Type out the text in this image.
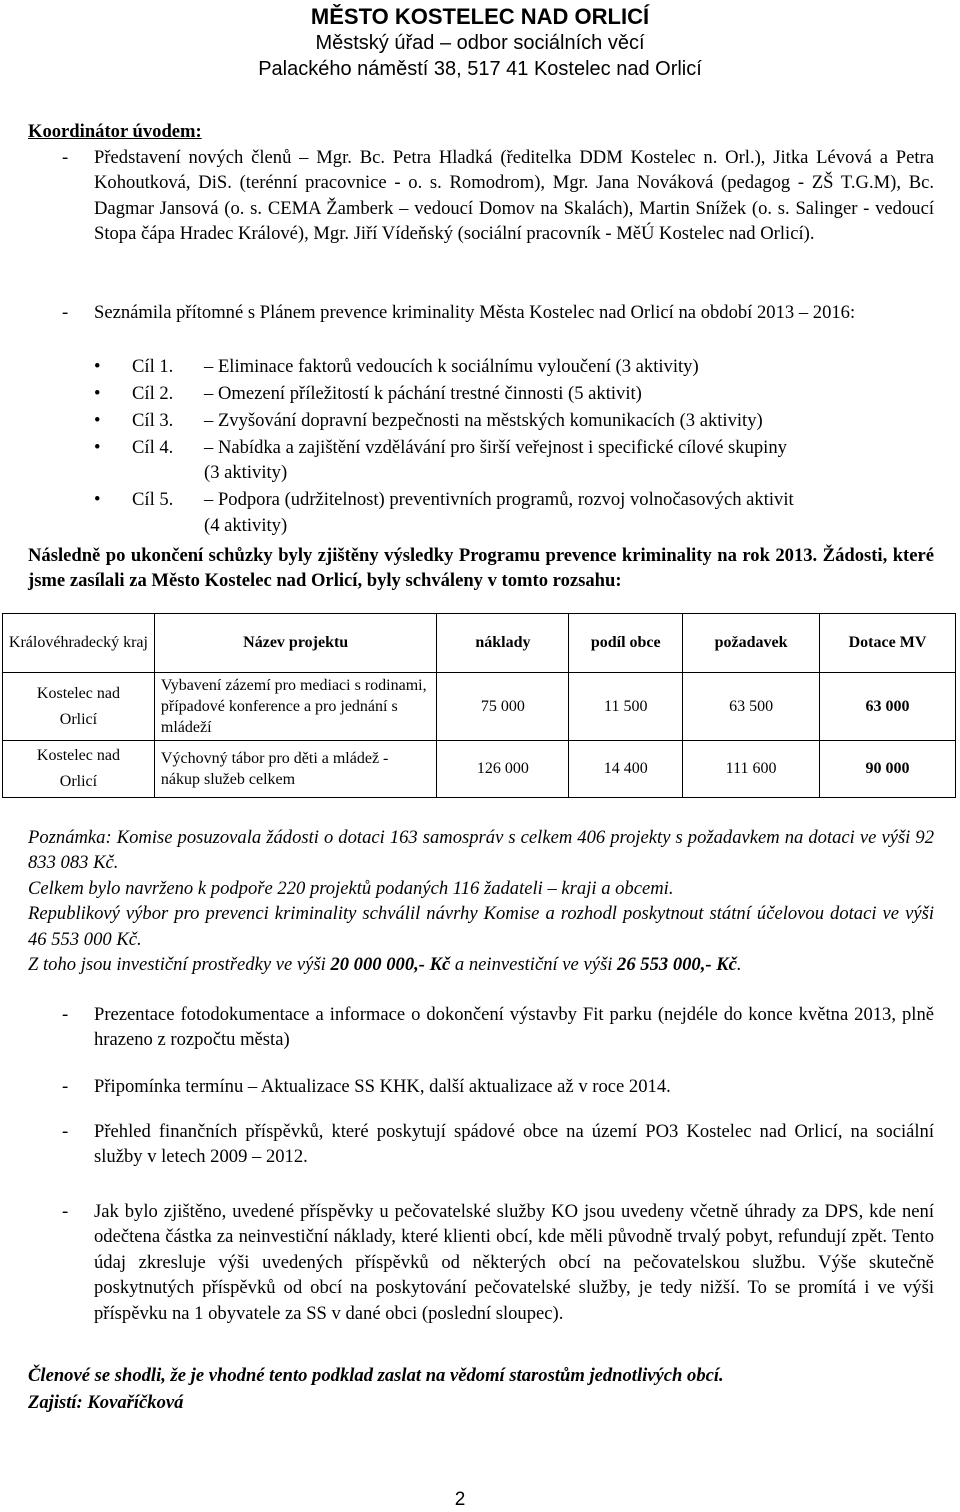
MĚSTO KOSTELEC NAD ORLICÍ
Městský úřad – odbor sociálních věcí
Palackého náměstí 38, 517 41 Kostelec nad Orlicí
Koordinátor úvodem:
- Představení nových členů – Mgr. Bc. Petra Hladká (ředitelka DDM Kostelec n. Orl.), Jitka Lévová a Petra Kohoutková, DiS. (terénní pracovnice - o. s. Romodrom), Mgr. Jana Nováková (pedagog - ZŠ T.G.M), Bc. Dagmar Jansová (o. s. CEMA Žamberk – vedoucí Domov na Skalách), Martin Snížek (o. s. Salinger - vedoucí Stopa čápa Hradec Králové), Mgr. Jiří Vídeňský (sociální pracovník - MěÚ Kostelec nad Orlicí).
- Seznámila přítomné s Plánem prevence kriminality Města Kostelec nad Orlicí na období 2013 – 2016:
• Cíl 1. – Eliminace faktorů vedoucích k sociálnímu vyloučení (3 aktivity)
• Cíl 2. – Omezení příležitostí k páchání trestné činnosti (5 aktivit)
• Cíl 3. – Zvyšování dopravní bezpečnosti na městských komunikacích (3 aktivity)
• Cíl 4. – Nabídka a zajištění vzdělávání pro širší veřejnost i specifické cílové skupiny
(3 aktivity)
• Cíl 5. – Podpora (udržitelnost) preventivních programů, rozvoj volnočasových aktivit
(4 aktivity)
Následně po ukončení schůzky byly zjištěny výsledky Programu prevence kriminality na rok 2013. Žádosti, které jsme zasílali za Město Kostelec nad Orlicí, byly schváleny v tomto rozsahu:
Královéhradecký kraj	Název projektu	náklady	podíl obce	požadavek	Dotace MV
Kostelec nad Orlicí	Vybavení zázemí pro mediaci s rodinami, případové konference a pro jednání s mládeží	75 000	11 500	63 500	63 000
Kostelec nad Orlicí	Výchovný tábor pro děti a mládež - nákup služeb celkem	126 000	14 400	111 600	90 000
Poznámka: Komise posuzovala žádosti o dotaci 163 samospráv s celkem 406 projekty s požadavkem na dotaci ve výši 92 833 083 Kč.
Celkem bylo navrženo k podpoře 220 projektů podaných 116 žadateli – kraji a obcemi.
Republikový výbor pro prevenci kriminality schválil návrhy Komise a rozhodl poskytnout státní účelovou dotaci ve výši 46 553 000 Kč.
Z toho jsou investiční prostředky ve výši 20 000 000,- Kč a neinvestiční ve výši 26 553 000,- Kč.
- Prezentace fotodokumentace a informace o dokončení výstavby Fit parku (nejdéle do konce května 2013, plně hrazeno z rozpočtu města)
- Připomínka termínu – Aktualizace SS KHK, další aktualizace až v roce 2014.
- Přehled finančních příspěvků, které poskytují spádové obce na území PO3 Kostelec nad Orlicí, na sociální služby v letech 2009 – 2012.
- Jak bylo zjištěno, uvedené příspěvky u pečovatelské služby KO jsou uvedeny včetně úhrady za DPS, kde není odečtena částka za neinvestiční náklady, které klienti obcí, kde měli původně trvalý pobyt, refundují zpět. Tento údaj zkresluje výši uvedených příspěvků od některých obcí na pečovatelskou službu. Výše skutečně poskytnutých příspěvků od obcí na poskytování pečovatelské služby, je tedy nižší. To se promítá i ve výši příspěvku na 1 obyvatele za SS v dané obci (poslední sloupec).
Členové se shodli, že je vhodné tento podklad zaslat na vědomí starostům jednotlivých obcí.
Zajistí: Kovaříčková
2
